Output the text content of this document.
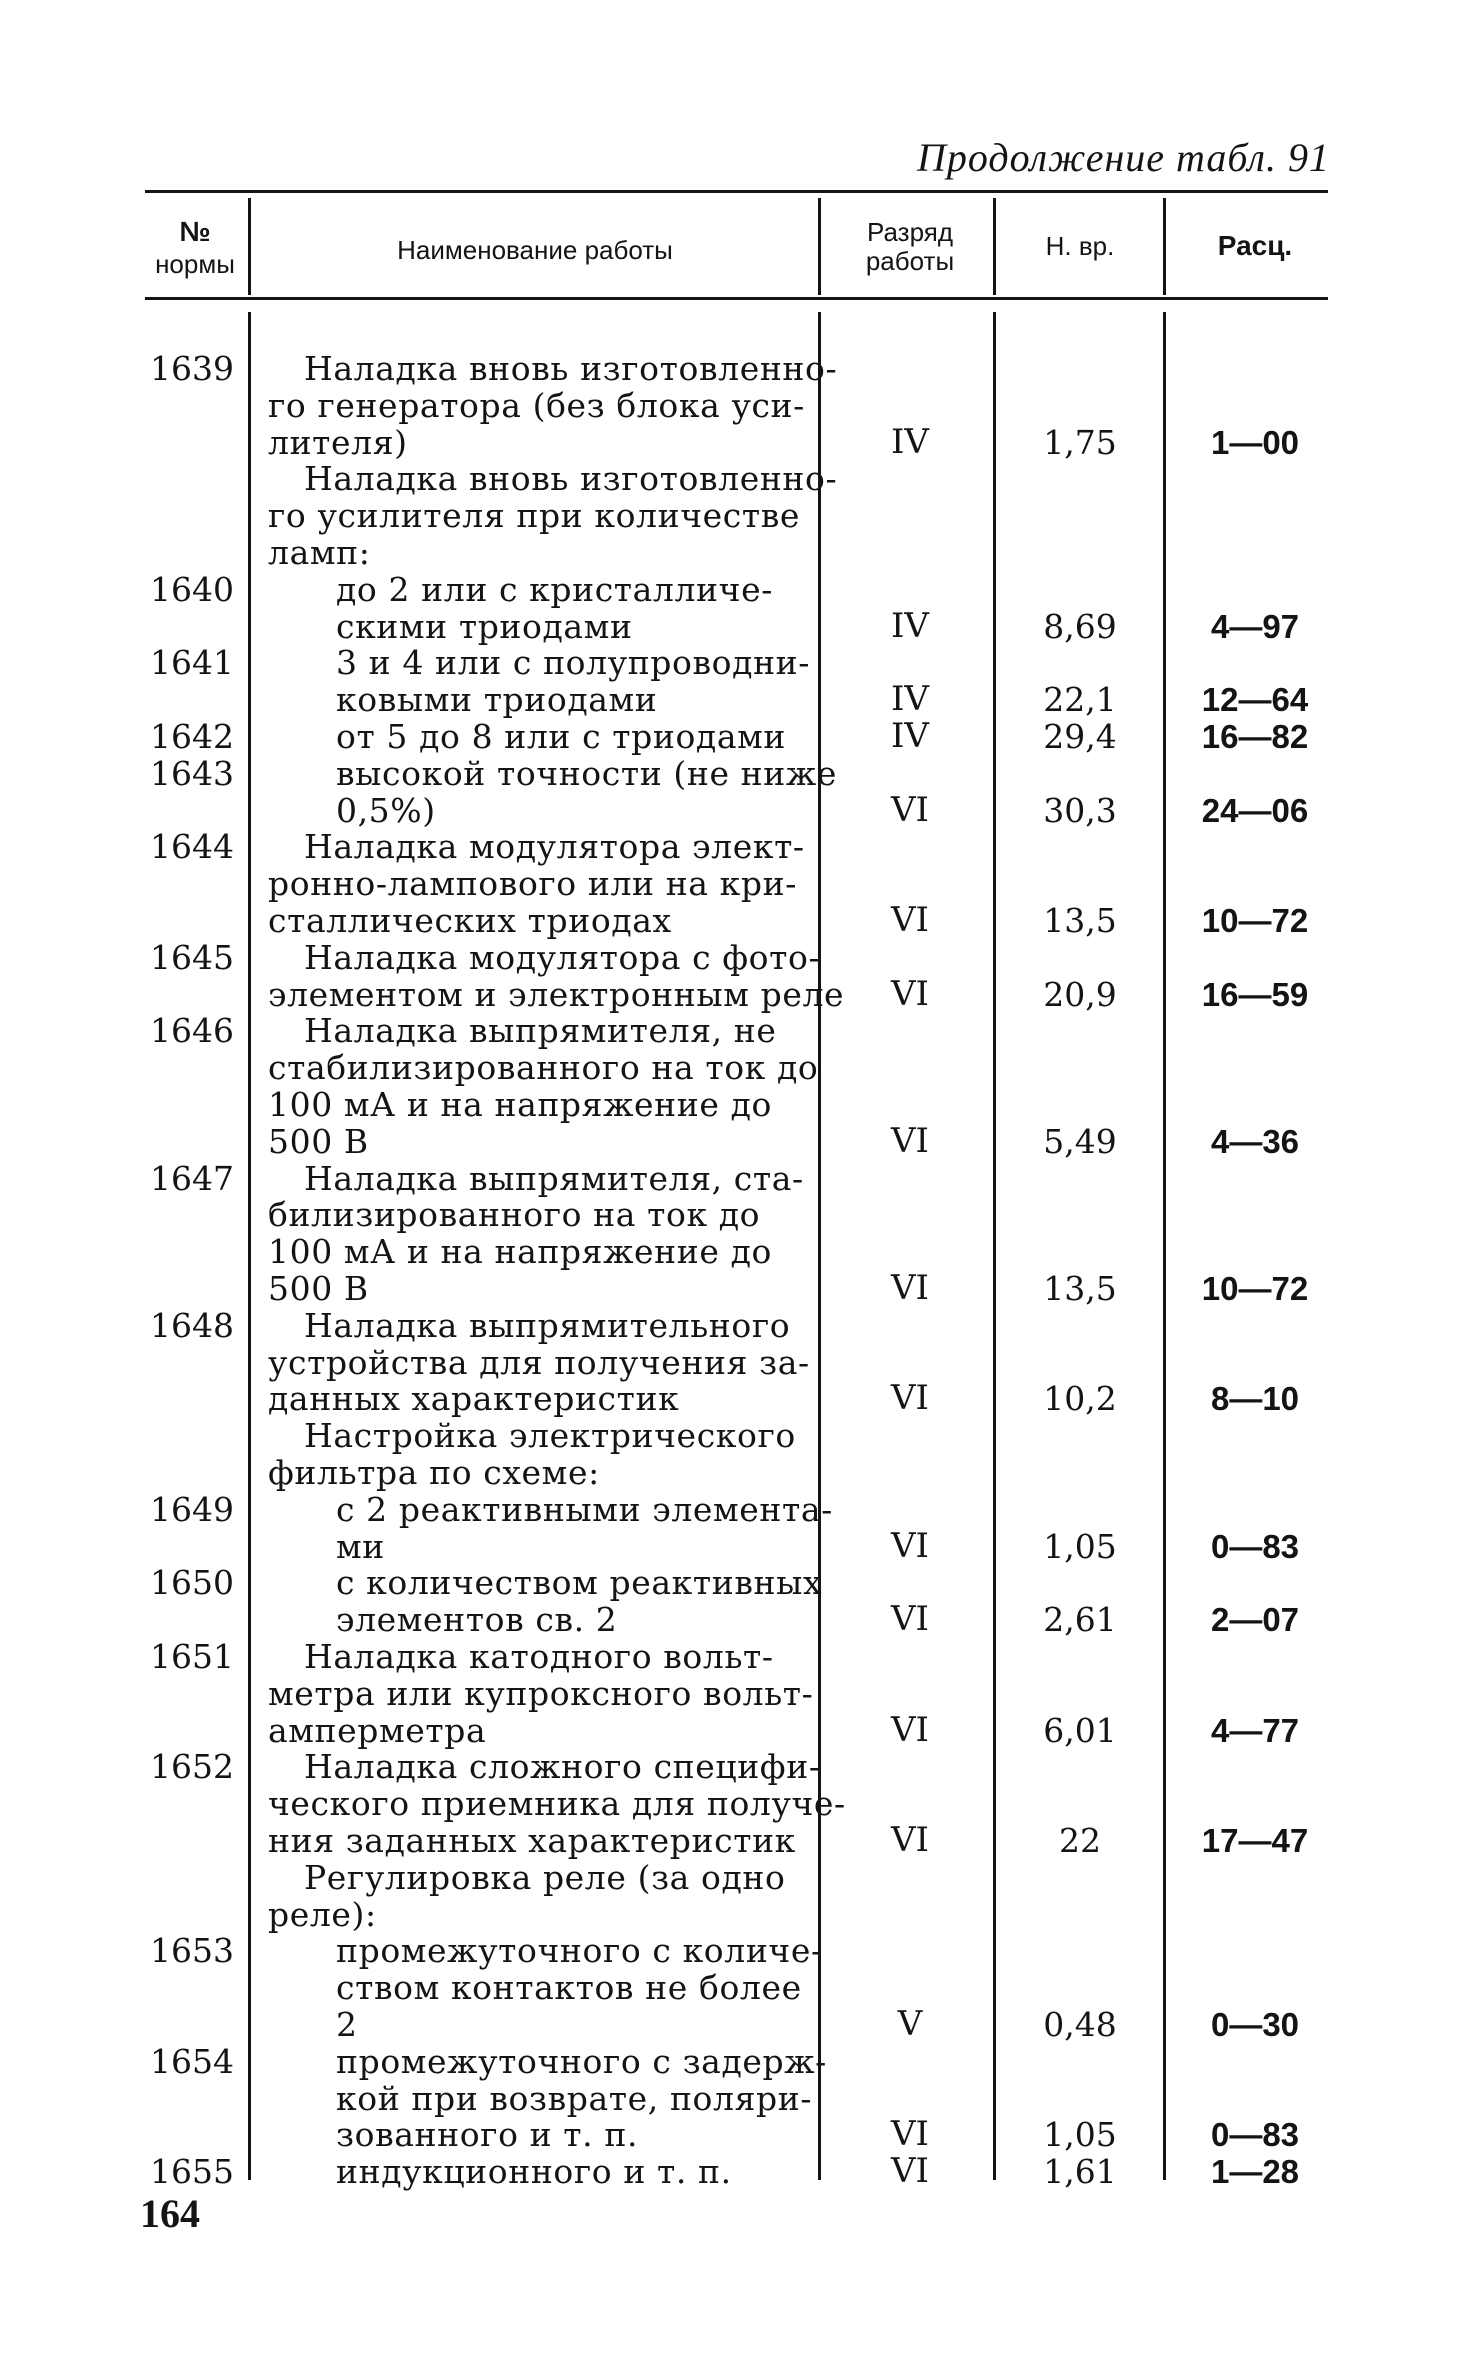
Продолжение табл. 91
№
нормы	Наименование работы
Разряд
работы	Н. вр.	Расц.
1639 Наладка вновь изготовленно-
го генератора (без блока уси-
лителя)	IV	1,75	1—00
Наладка вновь изготовленно-
го усилителя при количестве
ламп:
1640	до 2 или с кристалличе-
скими триодами	IV	8,69	4—97
1641	3 и 4 или с полупроводни-
ковыми триодами	IV	22,1	12—64
1642	от 5 до 8 или с триодами	IV	29,4	16—82
1643	высокой точности (не ниже
0,5%)	VI	30,3	24—06
1644 Наладка модулятора элект-
ронно-лампового или на кри-
сталлических триодах	VI	13,5	10—72
1645 Наладка модулятора с фото-
элементом и электронным реле	VI	20,9	16—59
1646 Наладка выпрямителя, не
стабилизированного на ток до
100 мА и на напряжение до
500 В	VI	5,49	4—36
1647 Наладка выпрямителя, ста-
билизированного на ток до
100 мА и на напряжение до
500 В	VI	13,5	10—72
1648 Наладка выпрямительного
устройства для получения за-
данных характеристик	VI	10,2	8—10
Настройка электрического
фильтра по схеме:
1649	с 2 реактивными элемента-
ми	VI	1,05	0—83
1650	с количеством реактивных
элементов св. 2	VI	2,61	2—07
1651 Наладка катодного вольт-
метра или купроксного вольт-
амперметра	VI	6,01	4—77
1652 Наладка сложного специфи-
ческого приемника для получе-
ния заданных характеристик	VI	22	17—47
Регулировка реле (за одно
реле):
1653	промежуточного с количе-
ством контактов не более
2	V	0,48	0—30
1654	промежуточного с задерж-
кой при возврате, поляри-
зованного и т. п.	VI	1,05	0—83
1655	индукционного и т. п.	VI	1,61	1—28
164
